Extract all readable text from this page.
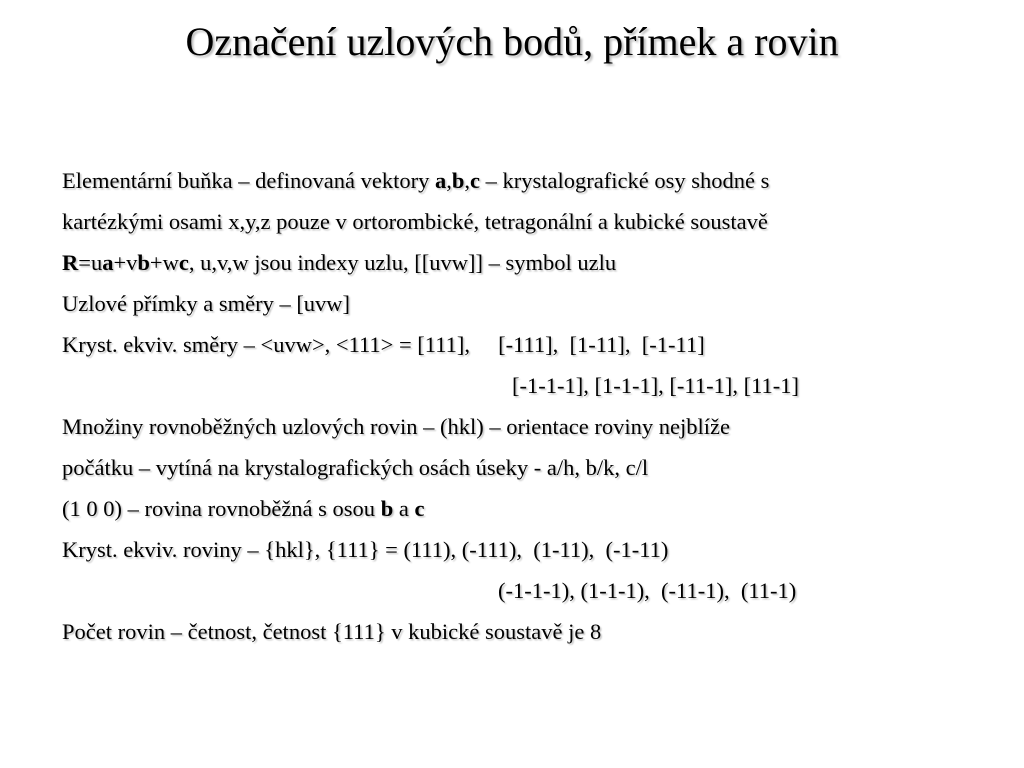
Označení uzlových bodů, přímek a rovin
Elementární buňka – definovaná vektory a,b,c – krystalografické osy shodné s
kartézkými osami x,y,z pouze v ortorombické, tetragonální a kubické soustavě
R=ua+vb+wc, u,v,w jsou indexy uzlu, [[uvw]] – symbol uzlu
Uzlové přímky a směry – [uvw]
Kryst. ekviv. směry – <uvw>, <111> = [111],     [-111],  [1-11],  [-1-11]
[-1-1-1], [1-1-1], [-11-1], [11-1]
Množiny rovnoběžných uzlových rovin – (hkl) – orientace roviny nejblíže
počátku – vytíná na krystalografických osách úseky - a/h, b/k, c/l
(1 0 0) – rovina rovnoběžná s osou b a c
Kryst. ekviv. roviny – {hkl}, {111} = (111), (-111),  (1-11),  (-1-11)
(-1-1-1), (1-1-1),  (-11-1),  (11-1)
Počet rovin – četnost, četnost {111} v kubické soustavě je 8
